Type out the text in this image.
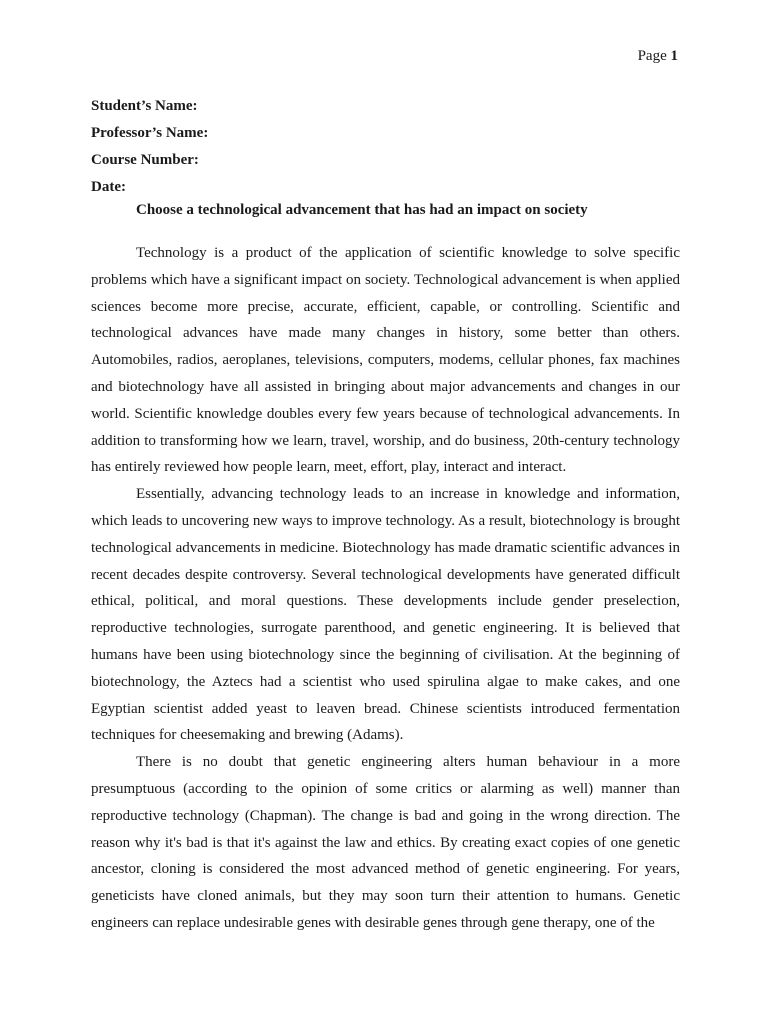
Page 1
Student’s Name:
Professor’s Name:
Course Number:
Date:
Choose a technological advancement that has had an impact on society

Technology is a product of the application of scientific knowledge to solve specific problems which have a significant impact on society. Technological advancement is when applied sciences become more precise, accurate, efficient, capable, or controlling. Scientific and technological advances have made many changes in history, some better than others. Automobiles, radios, aeroplanes, televisions, computers, modems, cellular phones, fax machines and biotechnology have all assisted in bringing about major advancements and changes in our world. Scientific knowledge doubles every few years because of technological advancements. In addition to transforming how we learn, travel, worship, and do business, 20th-century technology has entirely reviewed how people learn, meet, effort, play, interact and interact.

Essentially, advancing technology leads to an increase in knowledge and information, which leads to uncovering new ways to improve technology. As a result, biotechnology is brought technological advancements in medicine. Biotechnology has made dramatic scientific advances in recent decades despite controversy. Several technological developments have generated difficult ethical, political, and moral questions. These developments include gender preselection, reproductive technologies, surrogate parenthood, and genetic engineering. It is believed that humans have been using biotechnology since the beginning of civilisation. At the beginning of biotechnology, the Aztecs had a scientist who used spirulina algae to make cakes, and one Egyptian scientist added yeast to leaven bread. Chinese scientists introduced fermentation techniques for cheesemaking and brewing (Adams).

There is no doubt that genetic engineering alters human behaviour in a more presumptuous (according to the opinion of some critics or alarming as well) manner than reproductive technology (Chapman). The change is bad and going in the wrong direction. The reason why it's bad is that it's against the law and ethics. By creating exact copies of one genetic ancestor, cloning is considered the most advanced method of genetic engineering. For years, geneticists have cloned animals, but they may soon turn their attention to humans. Genetic engineers can replace undesirable genes with desirable genes through gene therapy, one of the
